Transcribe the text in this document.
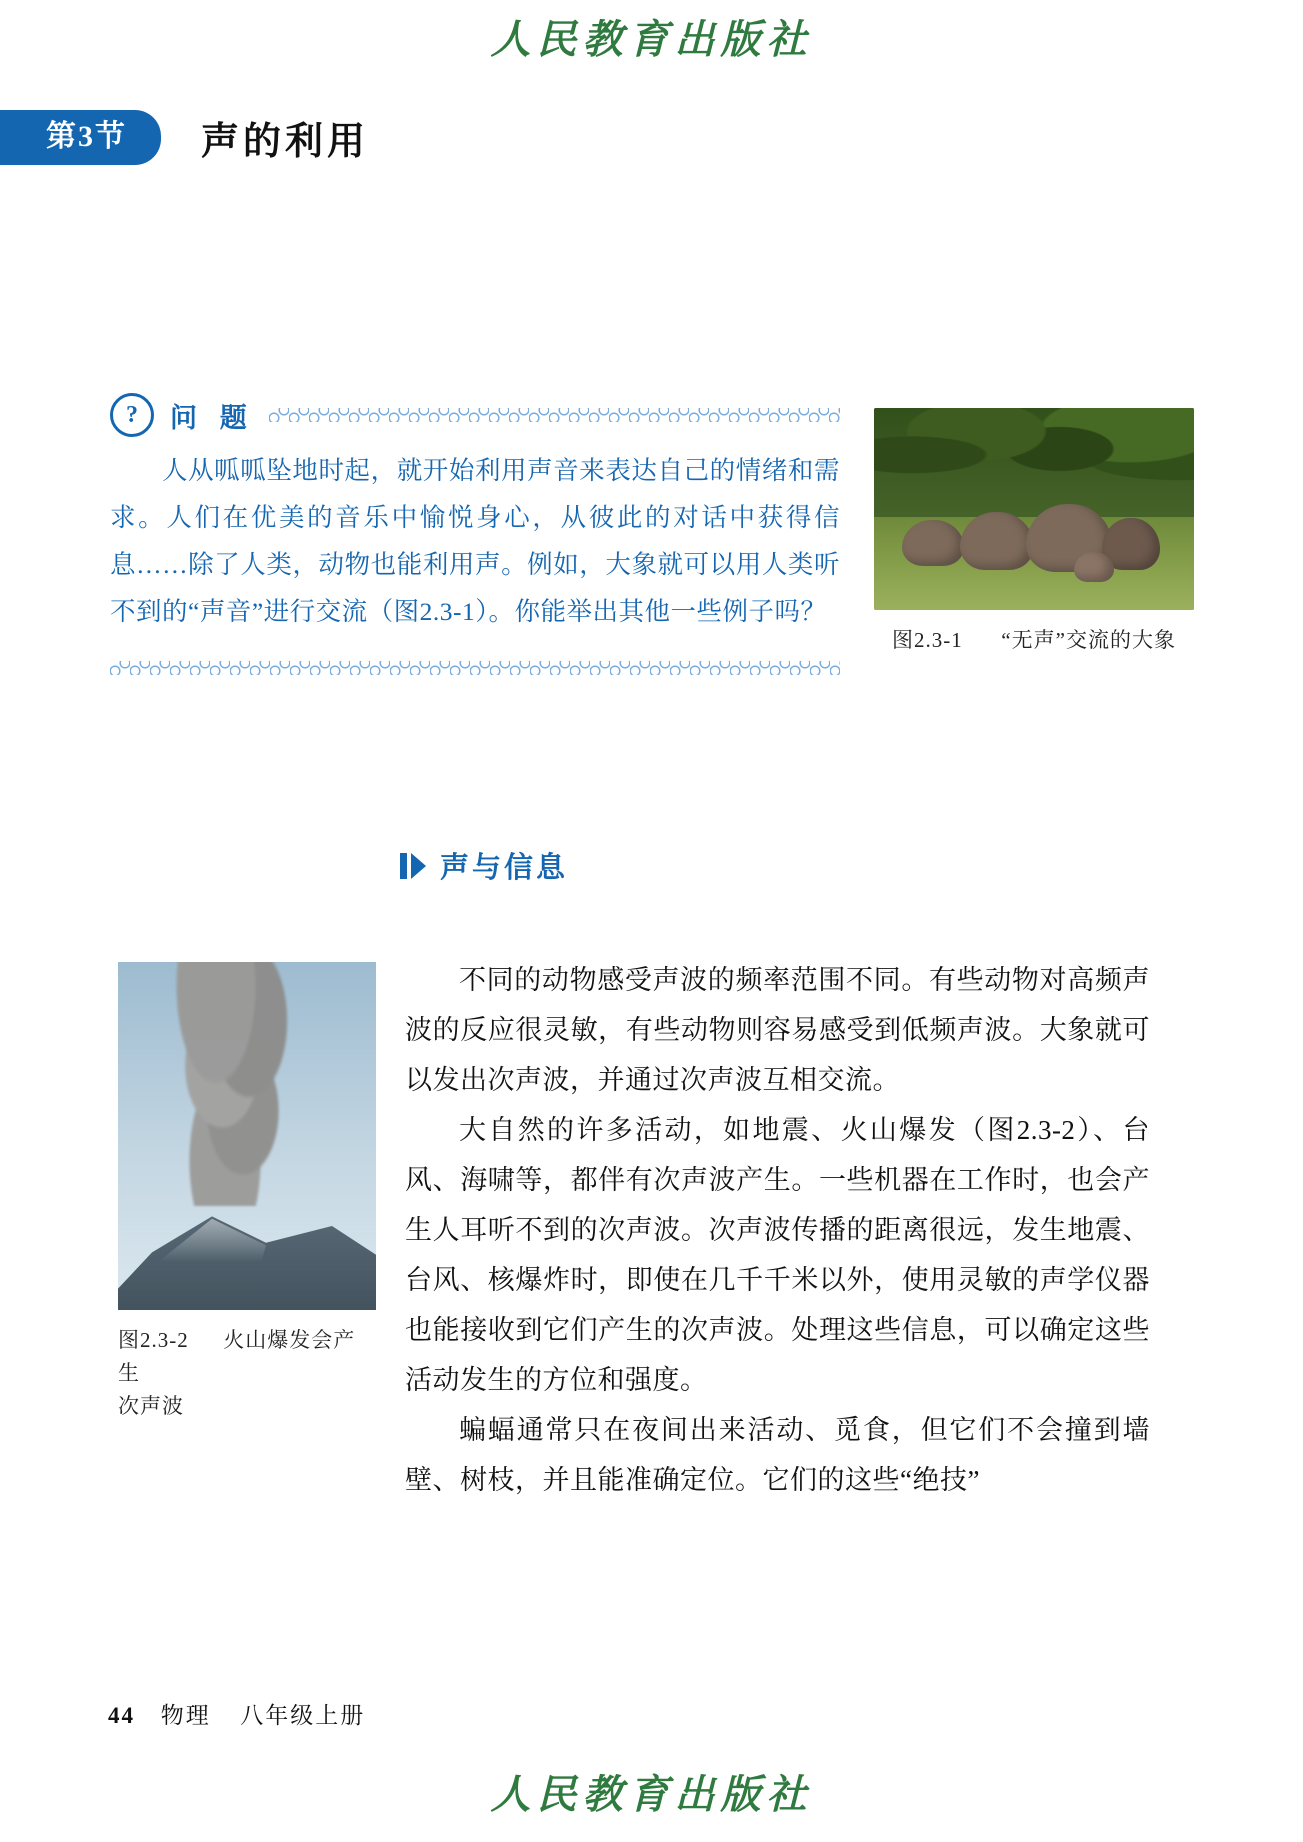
人民教育出版社
第3节	声的利用
?	问 题
人从呱呱坠地时起，就开始利用声音来表达自己的情绪和需求。人们在优美的音乐中愉悦身心，从彼此的对话中获得信息……除了人类，动物也能利用声。例如，大象就可以用人类听不到的“声音”进行交流（图2.3-1）。你能举出其他一些例子吗？
图2.3-1 “无声”交流的大象
声与信息
图2.3-2 火山爆发会产生
次声波

不同的动物感受声波的频率范围不同。有些动物对高频声波的反应很灵敏，有些动物则容易感受到低频声波。大象就可以发出次声波，并通过次声波互相交流。

大自然的许多活动，如地震、火山爆发（图2.3-2）、台风、海啸等，都伴有次声波产生。一些机器在工作时，也会产生人耳听不到的次声波。次声波传播的距离很远，发生地震、台风、核爆炸时，即使在几千千米以外，使用灵敏的声学仪器也能接收到它们产生的次声波。处理这些信息，可以确定这些活动发生的方位和强度。

蝙蝠通常只在夜间出来活动、觅食，但它们不会撞到墙壁、树枝，并且能准确定位。它们的这些“绝技”

44 物理 八年级上册
人民教育出版社
